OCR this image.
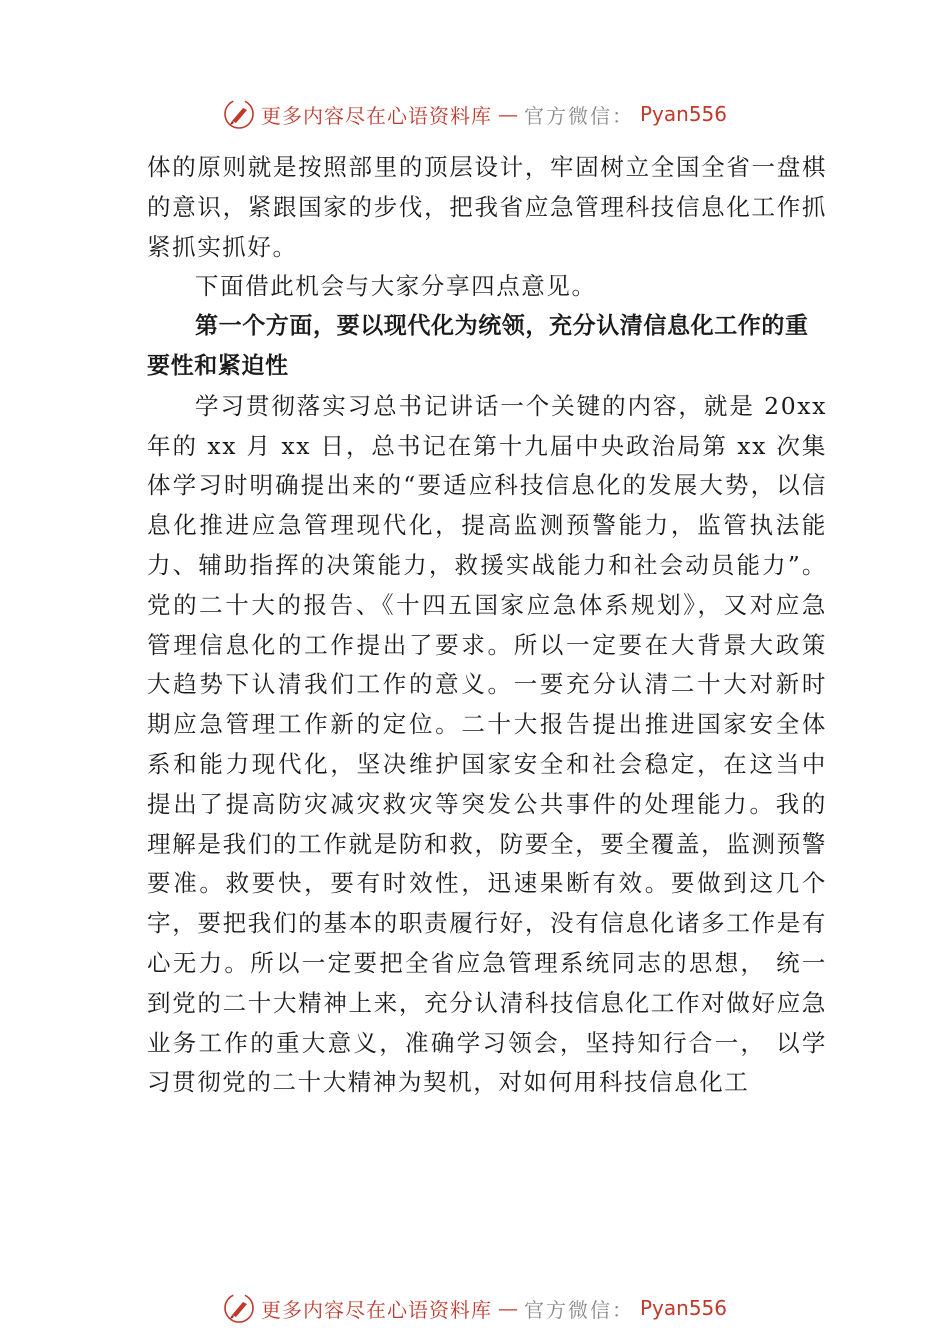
更多内容尽在心语资料库 — 官方微信： Pyan556

体的原则就是按照部里的顶层设计，牢固树立全国全省一盘棋的意识，紧跟国家的步伐，把我省应急管理科技信息化工作抓紧抓实抓好。

下面借此机会与大家分享四点意见。

第一个方面，要以现代化为统领，充分认清信息化工作的重要性和紧迫性

学习贯彻落实习总书记讲话一个关键的内容，就是 20xx 年的 xx 月 xx 日，总书记在第十九届中央政治局第 xx 次集体学习时明确提出来的“要适应科技信息化的发展大势，以信息化推进应急管理现代化，提高监测预警能力，监管执法能力、辅助指挥的决策能力，救援实战能力和社会动员能力”。党的二十大的报告、《十四五国家应急体系规划》，又对应急 管理信息化的工作提出了要求。所以一定要在大背景大政策 大趋势下认清我们工作的意义。一要充分认清二十大对新时 期应急管理工作新的定位。二十大报告提出推进国家安全体 系和能力现代化，坚决维护国家安全和社会稳定，在这当中 提出了提高防灾减灾救灾等突发公共事件的处理能力。我的 理解是我们的工作就是防和救，防要全，要全覆盖，监测预警要准。救要快，要有时效性，迅速果断有效。要做到这几个字，要把我们的基本的职责履行好，没有信息化诸多工作是有心无力。所以一定要把全省应急管理系统同志的思想， 统一到党的二十大精神上来，充分认清科技信息化工作对做好应急业务工作的重大意义，准确学习领会，坚持知行合一， 以学习贯彻党的二十大精神为契机，对如何用科技信息化工

更多内容尽在心语资料库 — 官方微信： Pyan556
